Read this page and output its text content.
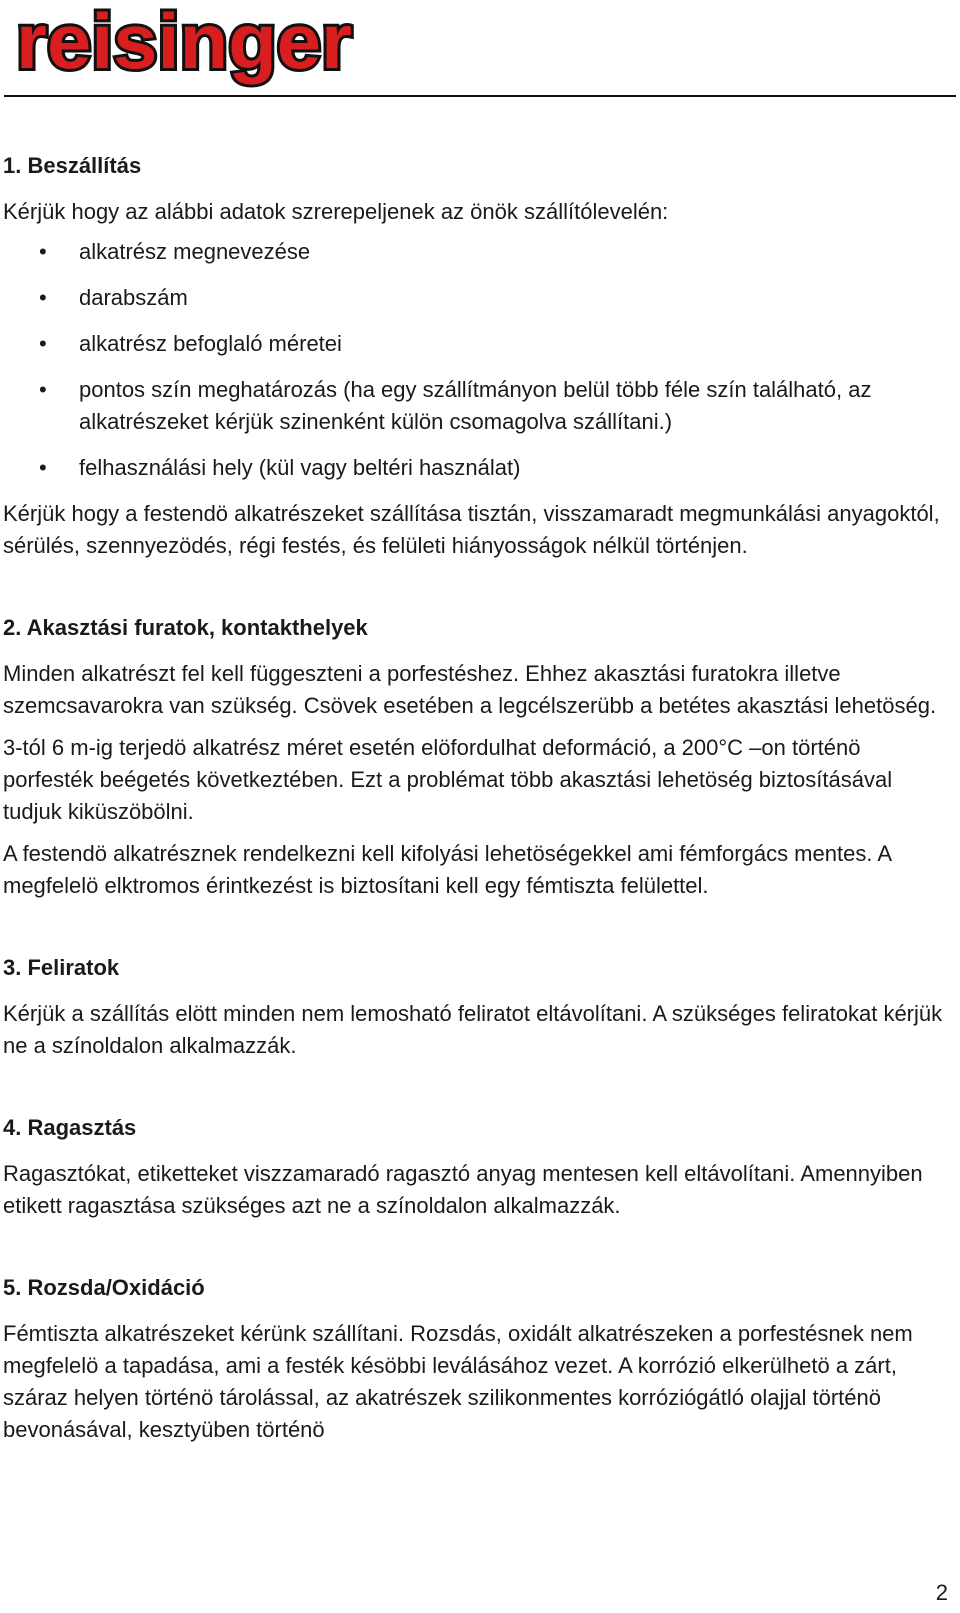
reisinger
1. Beszállítás

Kérjük hogy az alábbi adatok szrerepeljenek az önök szállítólevelén:

• alkatrész megnevezése
• darabszám
• alkatrész befoglaló méretei
• pontos szín meghatározás (ha egy szállítmányon belül több féle szín található, az alkatrészeket kérjük szinenként külön csomagolva szállítani.)
• felhasználási hely (kül vagy beltéri használat)

Kérjük hogy a festendö alkatrészeket szállítása tisztán, visszamaradt megmunkálási anyagoktól, sérülés, szennyezödés, régi festés, és felületi hiányosságok nélkül történjen.

2. Akasztási furatok, kontakthelyek

Minden alkatrészt fel kell függeszteni a porfestéshez. Ehhez akasztási furatokra illetve szemcsavarokra van szükség. Csövek esetében a legcélszerübb a betétes akasztási lehetöség.

3-tól 6 m-ig terjedö alkatrész méret esetén elöfordulhat deformáció, a 200°C –on történö porfesték beégetés következtében. Ezt a problémat több akasztási lehetöség biztosításával tudjuk kiküszöbölni.

A festendö alkatrésznek rendelkezni kell kifolyási lehetöségekkel ami fémforgács mentes. A megfelelö elktromos érintkezést is biztosítani kell egy fémtiszta felülettel.

3. Feliratok

Kérjük a szállítás elött minden nem lemosható feliratot eltávolítani. A szükséges feliratokat kérjük ne a színoldalon alkalmazzák.

4. Ragasztás

Ragasztókat, etiketteket viszzamaradó ragasztó anyag mentesen kell eltávolítani. Amennyiben etikett ragasztása szükséges azt ne a színoldalon alkalmazzák.

5. Rozsda/Oxidáció

Fémtiszta alkatrészeket kérünk szállítani. Rozsdás, oxidált alkatrészeken a porfestésnek nem megfelelö a tapadása, ami a festék késöbbi leválásához vezet. A korrózió elkerülhetö a zárt, száraz helyen történö tárolással, az akatrészek szilikonmentes korróziógátló olajjal történö bevonásával, kesztyüben történö

2
